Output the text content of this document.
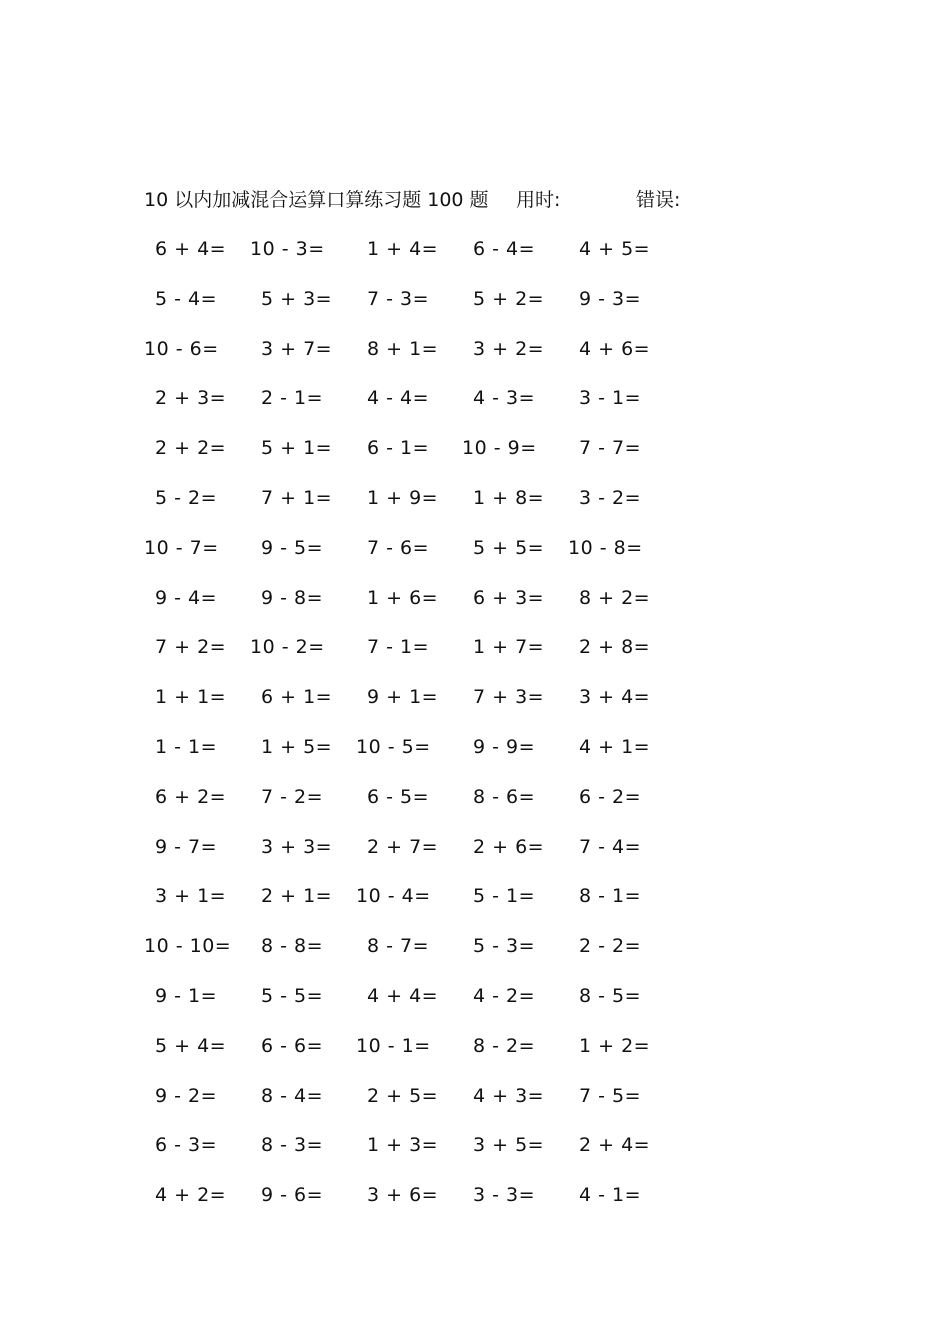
10 以内加减混合运算口算练习题 100 题 用时:	错误:
6 + 4= 10 - 3= 1 + 4= 6 - 4= 4 + 5=
5 - 4= 5 + 3= 7 - 3= 5 + 2= 9 - 3=
10 - 6= 3 + 7= 8 + 1= 3 + 2= 4 + 6=
2 + 3= 2 - 1= 4 - 4= 4 - 3= 3 - 1=
2 + 2= 5 + 1= 6 - 1= 10 - 9= 7 - 7=
5 - 2= 7 + 1= 1 + 9= 1 + 8= 3 - 2=
10 - 7= 9 - 5= 7 - 6= 5 + 5= 10 - 8=
9 - 4= 9 - 8= 1 + 6= 6 + 3= 8 + 2=
7 + 2= 10 - 2= 7 - 1= 1 + 7= 2 + 8=
1 + 1= 6 + 1= 9 + 1= 7 + 3= 3 + 4=
1 - 1= 1 + 5= 10 - 5= 9 - 9= 4 + 1=
6 + 2= 7 - 2= 6 - 5= 8 - 6= 6 - 2=
9 - 7= 3 + 3= 2 + 7= 2 + 6= 7 - 4=
3 + 1= 2 + 1= 10 - 4= 5 - 1= 8 - 1=
10 - 10= 8 - 8= 8 - 7= 5 - 3= 2 - 2=
9 - 1= 5 - 5= 4 + 4= 4 - 2= 8 - 5=
5 + 4= 6 - 6= 10 - 1= 8 - 2= 1 + 2=
9 - 2= 8 - 4= 2 + 5= 4 + 3= 7 - 5=
6 - 3= 8 - 3= 1 + 3= 3 + 5= 2 + 4=
4 + 2= 9 - 6= 3 + 6= 3 - 3= 4 - 1=
